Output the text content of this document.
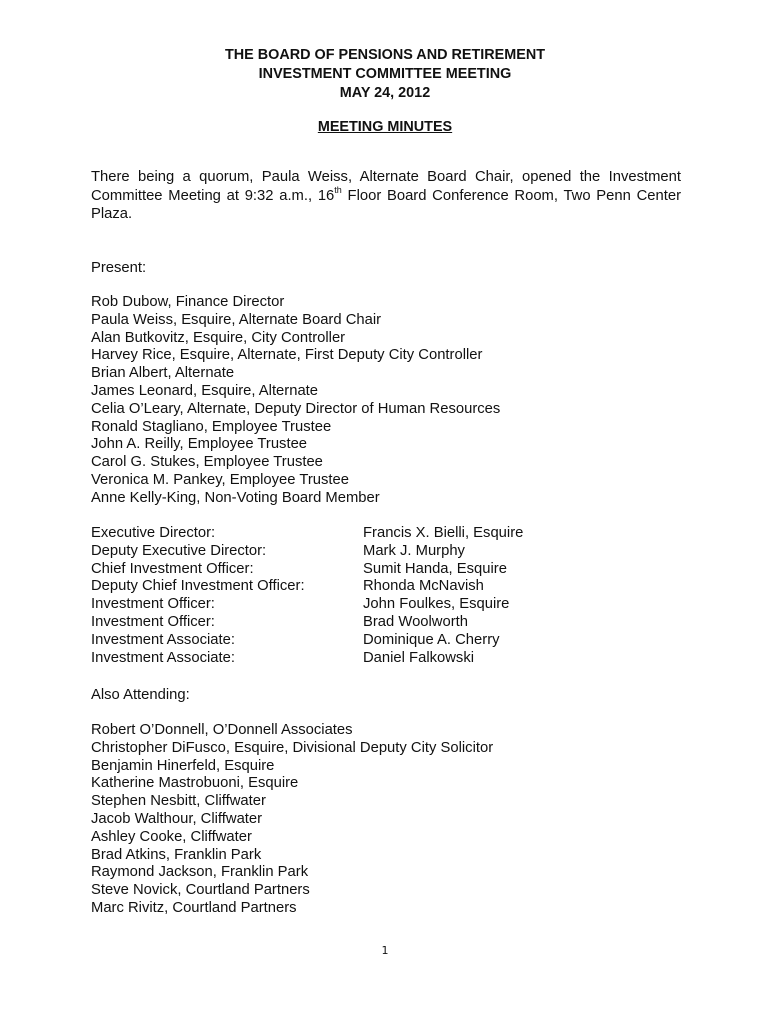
THE BOARD OF PENSIONS AND RETIREMENT
INVESTMENT COMMITTEE MEETING
MAY 24, 2012
MEETING MINUTES

There being a quorum, Paula Weiss, Alternate Board Chair, opened the Investment Committee Meeting at 9:32 a.m., 16th Floor Board Conference Room, Two Penn Center Plaza.

Present:
Rob Dubow, Finance Director
Paula Weiss, Esquire, Alternate Board Chair
Alan Butkovitz, Esquire, City Controller
Harvey Rice, Esquire, Alternate, First Deputy City Controller
Brian Albert, Alternate
James Leonard, Esquire, Alternate
Celia O’Leary, Alternate, Deputy Director of Human Resources
Ronald Stagliano, Employee Trustee
John A. Reilly, Employee Trustee
Carol G. Stukes, Employee Trustee
Veronica M. Pankey, Employee Trustee
Anne Kelly-King, Non-Voting Board Member
Executive Director:	Francis X. Bielli, Esquire
Deputy Executive Director:	Mark J. Murphy
Chief Investment Officer:	Sumit Handa, Esquire
Deputy Chief Investment Officer:	Rhonda McNavish
Investment Officer:	John Foulkes, Esquire
Investment Officer:	Brad Woolworth
Investment Associate:	Dominique A. Cherry
Investment Associate:	Daniel Falkowski
Also Attending:
Robert O’Donnell, O’Donnell Associates
Christopher DiFusco, Esquire, Divisional Deputy City Solicitor
Benjamin Hinerfeld, Esquire
Katherine Mastrobuoni, Esquire
Stephen Nesbitt, Cliffwater
Jacob Walthour, Cliffwater
Ashley Cooke, Cliffwater
Brad Atkins, Franklin Park
Raymond Jackson, Franklin Park
Steve Novick, Courtland Partners
Marc Rivitz, Courtland Partners
1
